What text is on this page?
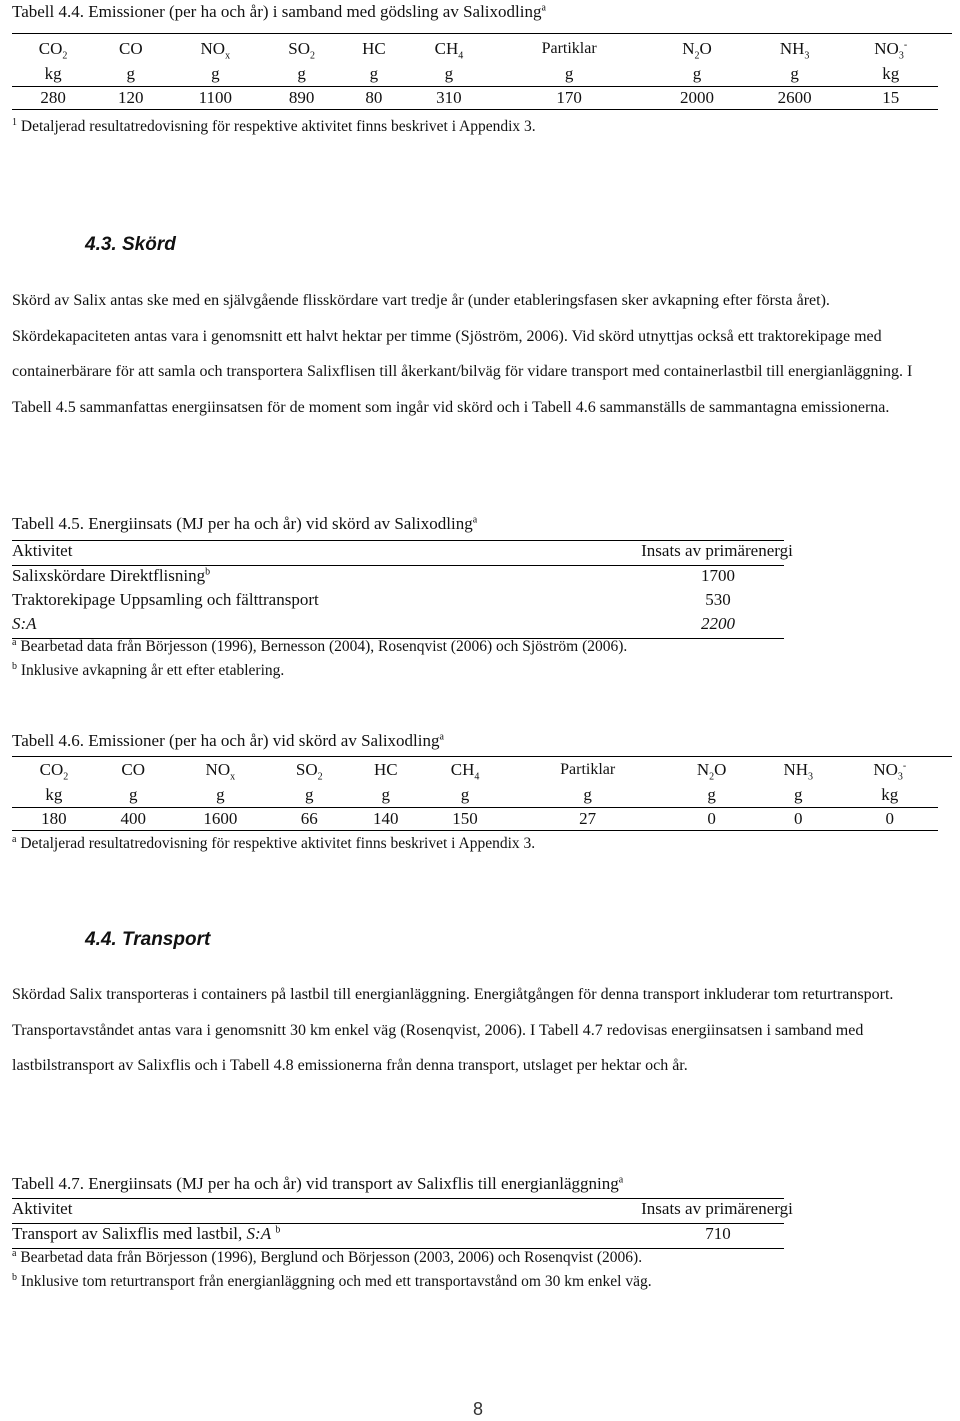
Tabell 4.4. Emissioner (per ha och år) i samband med gödsling av Salixodling$^a$
$CO_2$	CO	$NO_x$	$SO_2$	HC	$CH_4$	Partiklar	$N_2O$	$NH_3$	$NO_3^-$
kg	g	g	g	g	g	g	g	g	kg
280	120	1100	890	80	310	170	2000	2600	15
$^1$ Detaljerad resultatredovisning för respektive aktivitet finns beskrivet i Appendix 3.
4.3. Skörd
Skörd av Salix antas ske med en självgående flisskördare vart tredje år (under etableringsfasen sker avkapning efter första året). Skördekapaciteten antas vara i genomsnitt ett halvt hektar per timme (Sjöström, 2006). Vid skörd utnyttjas också ett traktorekipage med containerbärare för att samla och transportera Salixflisen till åkerkant/bilväg för vidare transport med containerlastbil till energianläggning. I Tabell 4.5 sammanfattas energiinsatsen för de moment som ingår vid skörd och i Tabell 4.6 sammanställs de sammantagna emissionerna.
Tabell 4.5. Energiinsats (MJ per ha och år) vid skörd av Salixodling$^a$
Aktivitet	Insats av primärenergi
Salixskördare Direktflisning$^b$	1700
Traktorekipage Uppsamling och fälttransport	530
S:A	2200
$^a$ Bearbetad data från Börjesson (1996), Bernesson (2004), Rosenqvist (2006) och Sjöström (2006).
$^b$ Inklusive avkapning år ett efter etablering.
Tabell 4.6. Emissioner (per ha och år) vid skörd av Salixodling$^a$
$CO_2$	CO	$NO_x$	$SO_2$	HC	$CH_4$	Partiklar	$N_2O$	$NH_3$	$NO_3^-$
kg	g	g	g	g	g	g	g	g	kg
180	400	1600	66	140	150	27	0	0	0
$^a$ Detaljerad resultatredovisning för respektive aktivitet finns beskrivet i Appendix 3.
4.4. Transport
Skördad Salix transporteras i containers på lastbil till energianläggning. Energiåtgången för denna transport inkluderar tom returtransport. Transportavståndet antas vara i genomsnitt 30 km enkel väg (Rosenqvist, 2006). I Tabell 4.7 redovisas energiinsatsen i samband med lastbilstransport av Salixflis och i Tabell 4.8 emissionerna från denna transport, utslaget per hektar och år.
Tabell 4.7. Energiinsats (MJ per ha och år) vid transport av Salixflis till energianläggning$^a$
Aktivitet	Insats av primärenergi
Transport av Salixflis med lastbil, S:A $^b$	710
$^a$ Bearbetad data från Börjesson (1996), Berglund och Börjesson (2003, 2006) och Rosenqvist (2006).
$^b$ Inklusive tom returtransport från energianläggning och med ett transportavstånd om 30 km enkel väg.
8
